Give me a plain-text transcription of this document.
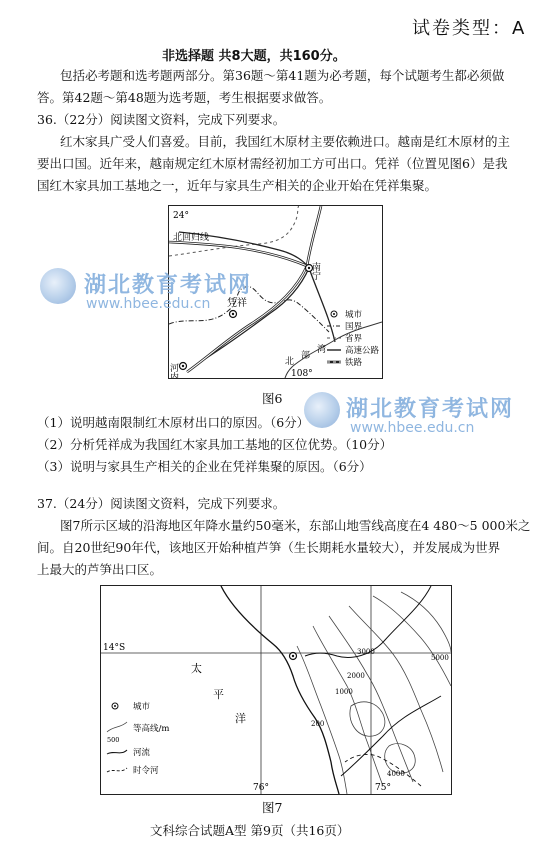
试卷类型：A
非选择题 共8大题，共160分。
包括必考题和选考题两部分。第36题～第41题为必考题，每个试题考生都必须做
答。第42题～第48题为选考题，考生根据要求做答。
36.（22分）阅读图文资料，完成下列要求。
红木家具广受人们喜爱。目前，我国红木原材主要依赖进口。越南是红木原材的主
要出口国。近年来，越南规定红木原材需经初加工方可出口。凭祥（位置见图6）是我
国红木家具加工基地之一，近年与家具生产相关的企业开始在凭祥集聚。
24°
北回归线
南宁
凭祥
河内
北
部
湾
108°
城市
国界
省界
高速公路
铁路
湖北教育考试网
www.hbee.edu.cn
图6	湖北教育考试网
www.hbee.edu.cn
（1）说明越南限制红木原材出口的原因。（6分）
（2）分析凭祥成为我国红木家具加工基地的区位优势。（10分）
（3）说明与家具生产相关的企业在凭祥集聚的原因。（6分）
37.（24分）阅读图文资料，完成下列要求。
图7所示区域的沿海地区年降水量约50毫米，东部山地雪线高度在4 480～5 000米之
间。自20世纪90年代，该地区开始种植芦笋（生长期耗水量较大），并发展成为世界
上最大的芦笋出口区。
14°S
太
平
洋
3000
2000
1000
5000
200
4000
76°	75°
城市
500
等高线/m
河流
时令河
图7
文科综合试题A型 第9页（共16页）
